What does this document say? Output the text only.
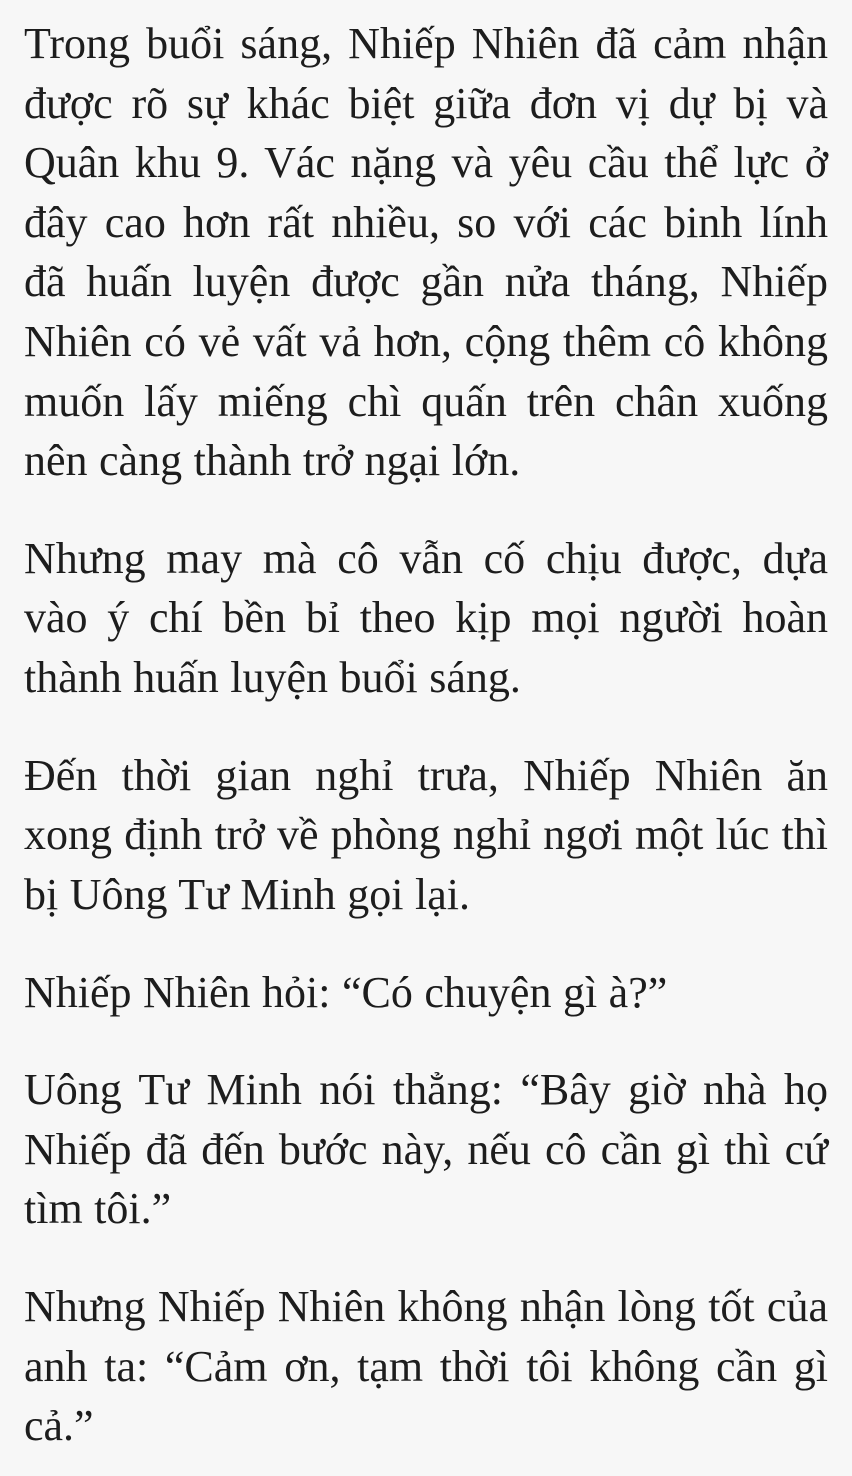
Trong buổi sáng, Nhiếp Nhiên đã cảm nhận được rõ sự khác biệt giữa đơn vị dự bị và Quân khu 9. Vác nặng và yêu cầu thể lực ở đây cao hơn rất nhiều, so với các binh lính đã huấn luyện được gần nửa tháng, Nhiếp Nhiên có vẻ vất vả hơn, cộng thêm cô không muốn lấy miếng chì quấn trên chân xuống nên càng thành trở ngại lớn.

Nhưng may mà cô vẫn cố chịu được, dựa vào ý chí bền bỉ theo kịp mọi người hoàn thành huấn luyện buổi sáng.

Đến thời gian nghỉ trưa, Nhiếp Nhiên ăn xong định trở về phòng nghỉ ngơi một lúc thì bị Uông Tư Minh gọi lại.

Nhiếp Nhiên hỏi: “Có chuyện gì à?”

Uông Tư Minh nói thẳng: “Bây giờ nhà họ Nhiếp đã đến bước này, nếu cô cần gì thì cứ tìm tôi.”

Nhưng Nhiếp Nhiên không nhận lòng tốt của anh ta: “Cảm ơn, tạm thời tôi không cần gì cả.”
